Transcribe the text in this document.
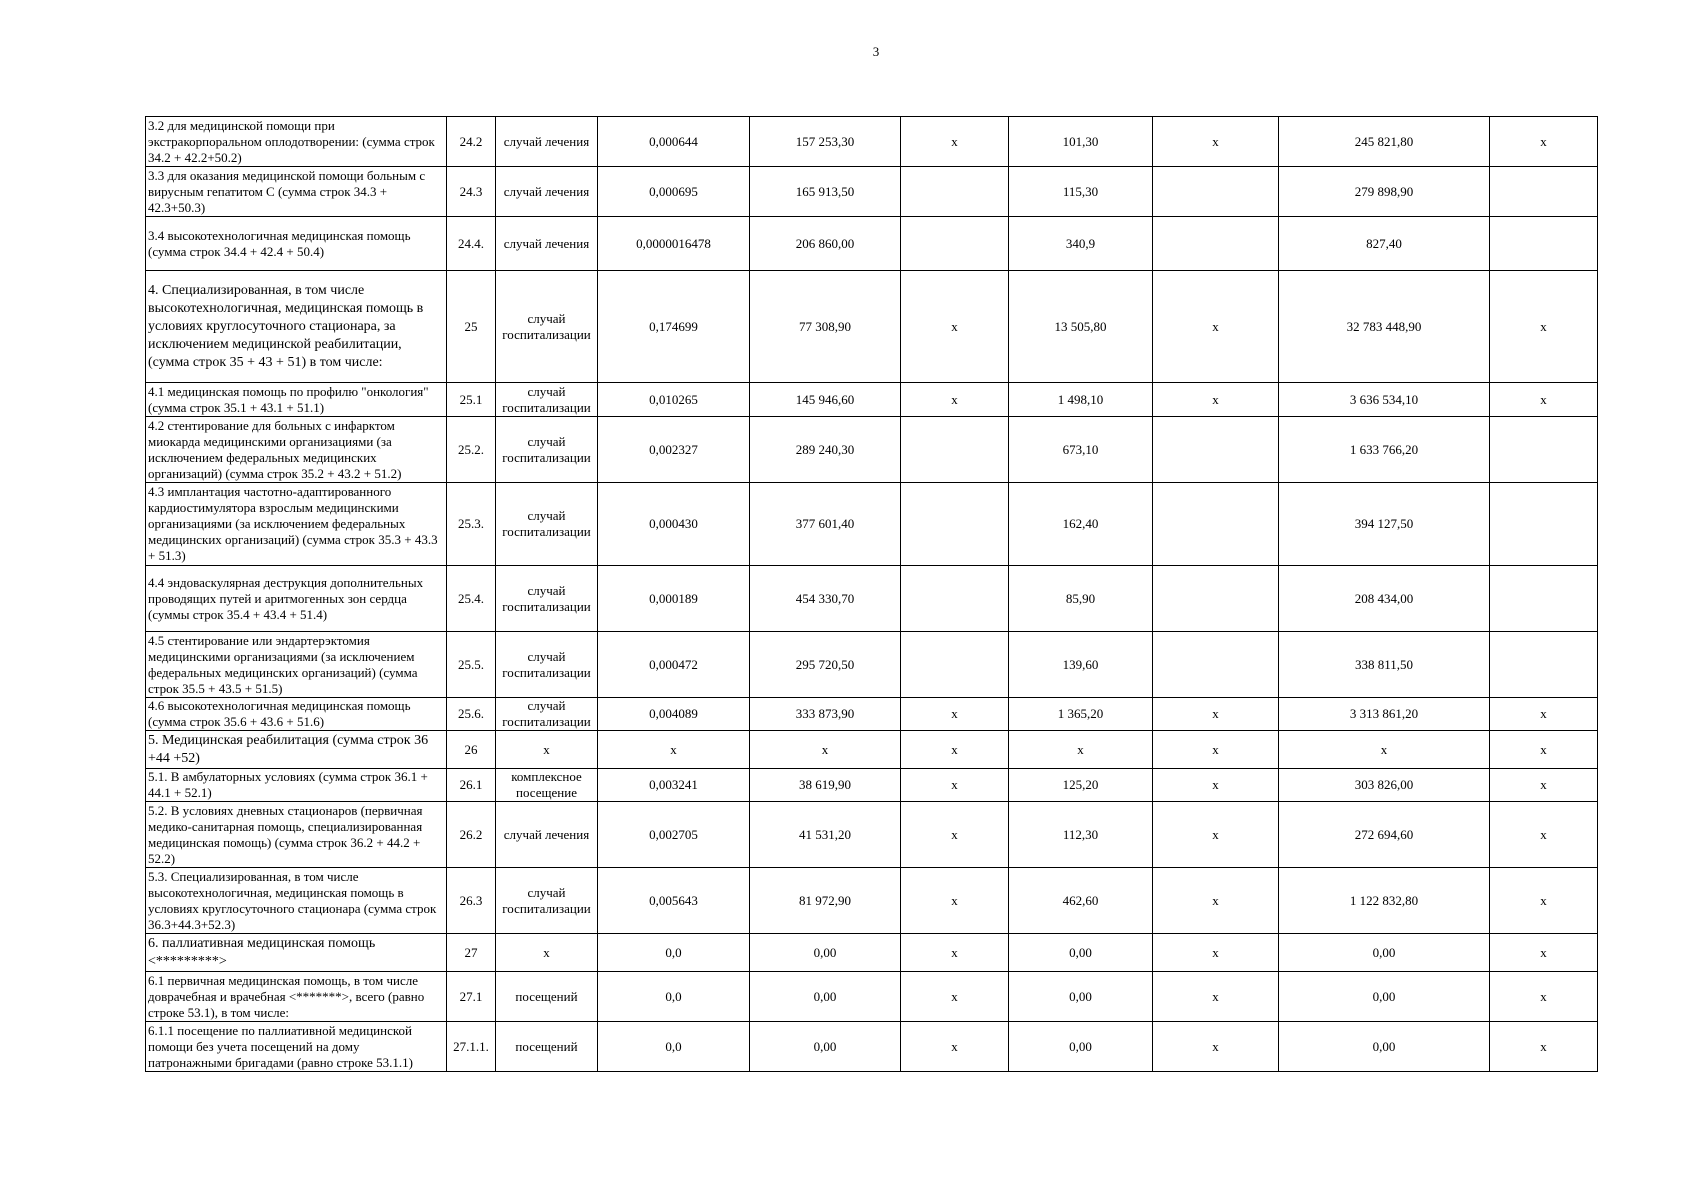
3
3.2 для медицинской помощи при экстракорпоральном оплодотворении: (сумма строк 34.2 + 42.2+50.2)	24.2	случай лечения	0,000644	157 253,30	x	101,30	x	245 821,80	x
3.3 для оказания медицинской помощи больным с вирусным гепатитом С (сумма строк 34.3 + 42.3+50.3)	24.3	случай лечения	0,000695	165 913,50		115,30		279 898,90	
3.4 высокотехнологичная медицинская помощь (сумма строк 34.4 + 42.4 + 50.4)	24.4.	случай лечения	0,0000016478	206 860,00		340,9		827,40	
4. Специализированная, в том числе высокотехнологичная, медицинская помощь в условиях круглосуточного стационара, за исключением медицинской реабилитации, (сумма строк 35 + 43 + 51) в том числе:	25	случай госпитализации	0,174699	77 308,90	x	13 505,80	x	32 783 448,90	x
4.1 медицинская помощь по профилю "онкология" (сумма строк 35.1 + 43.1 + 51.1)	25.1	случай госпитализации	0,010265	145 946,60	x	1 498,10	x	3 636 534,10	x
4.2 стентирование для больных с инфарктом миокарда медицинскими организациями (за исключением федеральных медицинских организаций) (сумма строк 35.2 + 43.2 + 51.2)	25.2.	случай госпитализации	0,002327	289 240,30		673,10		1 633 766,20	
4.3 имплантация частотно-адаптированного кардиостимулятора взрослым медицинскими организациями (за исключением федеральных медицинских организаций) (сумма строк 35.3 + 43.3 + 51.3)	25.3.	случай госпитализации	0,000430	377 601,40		162,40		394 127,50	
4.4 эндоваскулярная деструкция дополнительных проводящих путей и аритмогенных зон сердца (суммы строк 35.4 + 43.4 + 51.4)	25.4.	случай госпитализации	0,000189	454 330,70		85,90		208 434,00	
4.5 стентирование или эндартерэктомия медицинскими организациями (за исключением федеральных медицинских организаций) (сумма строк 35.5 + 43.5 + 51.5)	25.5.	случай госпитализации	0,000472	295 720,50		139,60		338 811,50	
4.6 высокотехнологичная медицинская помощь (сумма строк 35.6 + 43.6 + 51.6)	25.6.	случай госпитализации	0,004089	333 873,90	x	1 365,20	x	3 313 861,20	x
5. Медицинская реабилитация (сумма строк 36 +44 +52)	26	x	x	x	x	x	x	x	x
5.1. В амбулаторных условиях (сумма строк 36.1 + 44.1 + 52.1)	26.1	комплексное посещение	0,003241	38 619,90	x	125,20	x	303 826,00	x
5.2. В условиях дневных стационаров (первичная медико-санитарная помощь, специализированная медицинская помощь) (сумма строк 36.2 + 44.2 + 52.2)	26.2	случай лечения	0,002705	41 531,20	x	112,30	x	272 694,60	x
5.3. Специализированная, в том числе высокотехнологичная, медицинская помощь в условиях круглосуточного стационара (сумма строк 36.3+44.3+52.3)	26.3	случай госпитализации	0,005643	81 972,90	x	462,60	x	1 122 832,80	x
6. паллиативная медицинская помощь <*********>	27	x	0,0	0,00	x	0,00	x	0,00	x
6.1 первичная медицинская помощь, в том числе доврачебная и врачебная <*******>, всего (равно строке 53.1), в том числе:	27.1	посещений	0,0	0,00	x	0,00	x	0,00	x
6.1.1 посещение по паллиативной медицинской помощи без учета посещений на дому патронажными бригадами (равно строке 53.1.1)	27.1.1.	посещений	0,0	0,00	x	0,00	x	0,00	x
